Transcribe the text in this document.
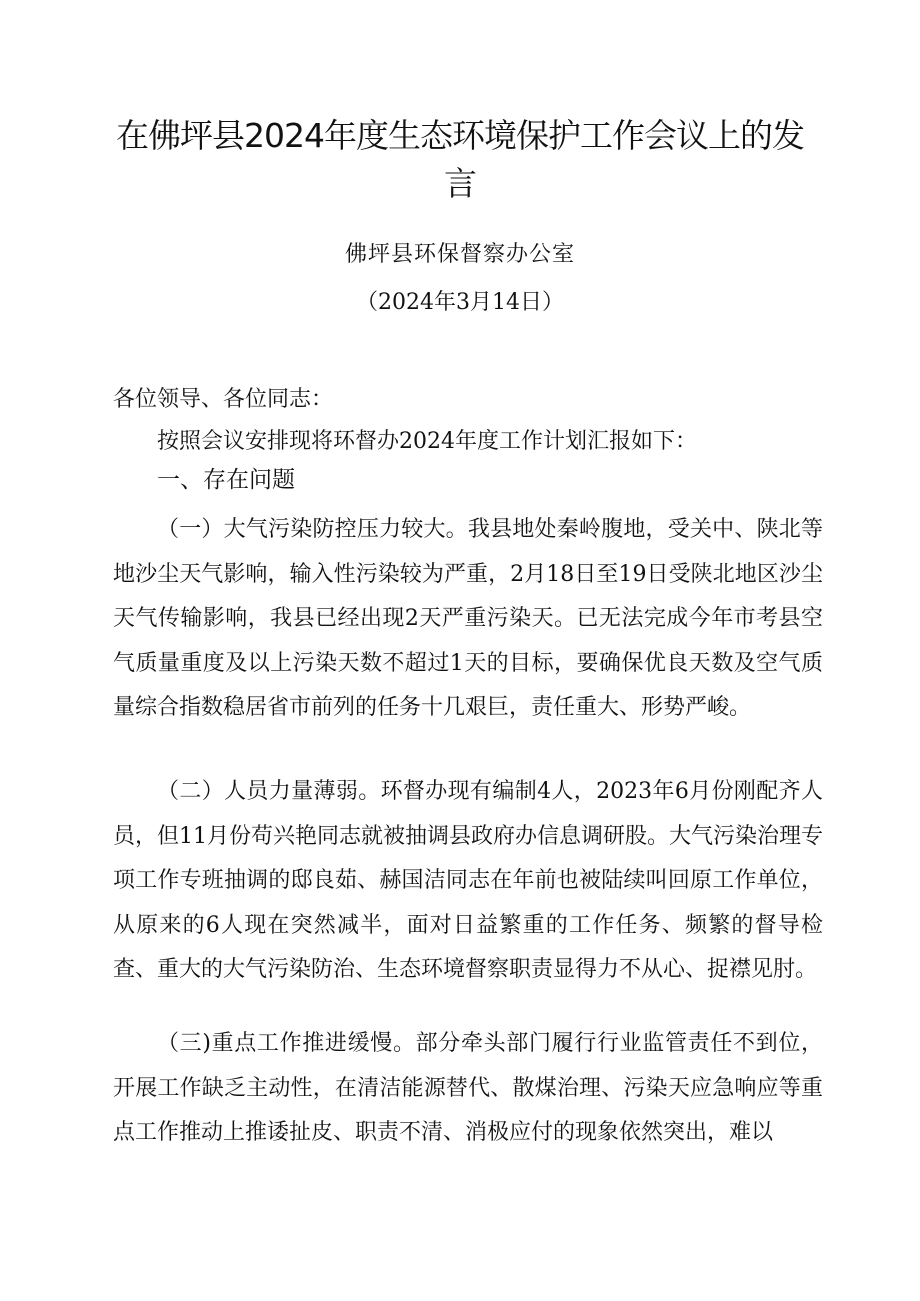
在佛坪县2024年度生态环境保护工作会议上的发言

佛坪县环保督察办公室

（2024年3月14日）

各位领导、各位同志：

按照会议安排现将环督办2024年度工作计划汇报如下：

一、存在问题

（一）大气污染防控压力较大。我县地处秦岭腹地，受关中、陕北等地沙尘天气影响，输入性污染较为严重，2月18日至19日受陕北地区沙尘天气传输影响，我县已经出现2天严重污染天。已无法完成今年市考县空气质量重度及以上污染天数不超过1天的目标，要确保优良天数及空气质量综合指数稳居省市前列的任务十几艰巨，责任重大、形势严峻。

（二）人员力量薄弱。环督办现有编制4人，2023年6月份刚配齐人员，但11月份苟兴艳同志就被抽调县政府办信息调研股。大气污染治理专项工作专班抽调的邸良茹、赫国洁同志在年前也被陆续叫回原工作单位，从原来的6人现在突然减半，面对日益繁重的工作任务、频繁的督导检查、重大的大气污染防治、生态环境督察职责显得力不从心、捉襟见肘。

（三)重点工作推进缓慢。部分牵头部门履行行业监管责任不到位，开展工作缺乏主动性，在清洁能源替代、散煤治理、污染天应急响应等重点工作推动上推诿扯皮、职责不清、消极应付的现象依然突出，难以
